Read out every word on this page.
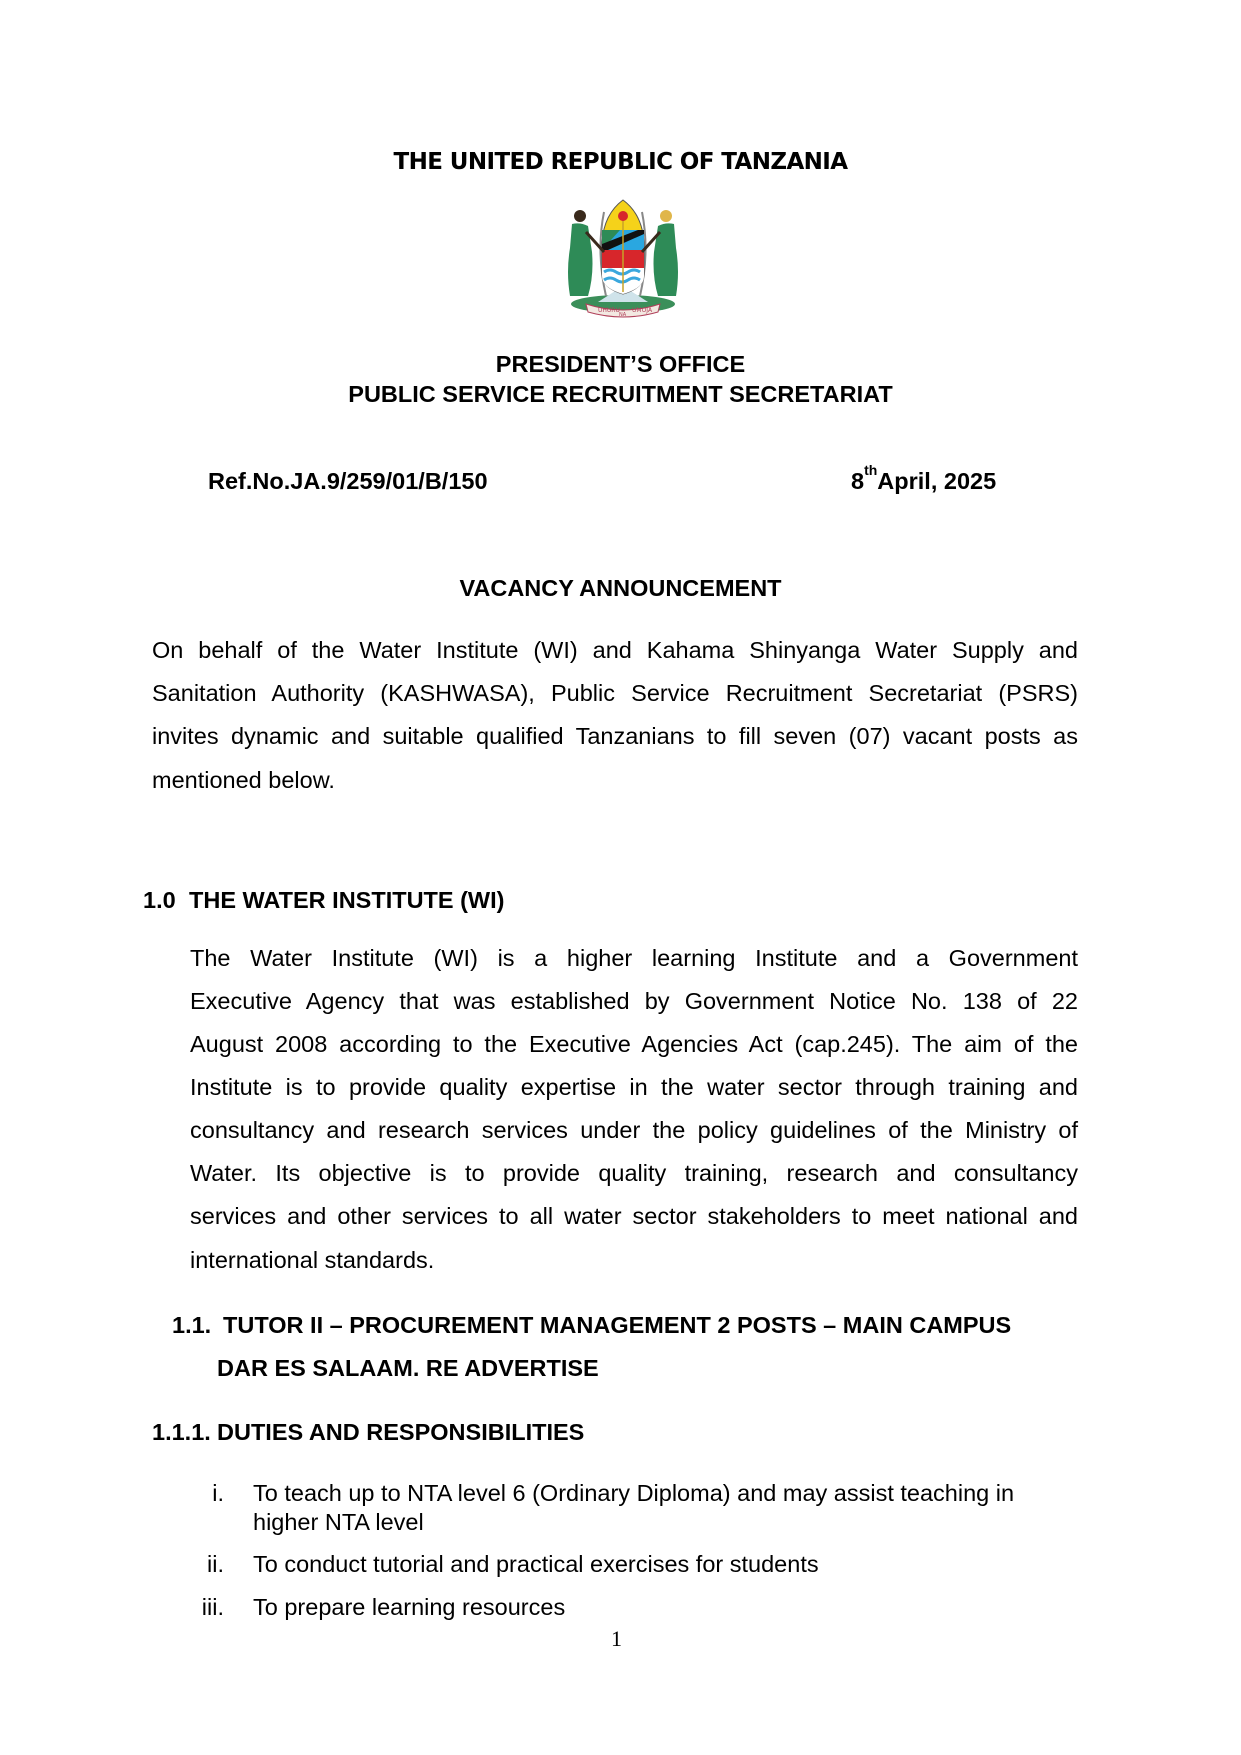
THE UNITED REPUBLIC OF TANZANIA
UHURU
NA
UMOJA
PRESIDENT’S OFFICE
PUBLIC SERVICE RECRUITMENT SECRETARIAT
Ref.No.JA.9/259/01/B/150	8thApril, 2025
VACANCY ANNOUNCEMENT
On behalf of the Water Institute (WI) and Kahama Shinyanga Water Supply and
Sanitation Authority (KASHWASA), Public Service Recruitment Secretariat (PSRS)
invites dynamic and suitable qualified Tanzanians to fill seven (07) vacant posts as
mentioned below.
1.0 THE WATER INSTITUTE (WI)
The Water Institute (WI) is a higher learning Institute and a Government
Executive Agency that was established by Government Notice No. 138 of 22
August 2008 according to the Executive Agencies Act (cap.245). The aim of the
Institute is to provide quality expertise in the water sector through training and
consultancy and research services under the policy guidelines of the Ministry of
Water. Its objective is to provide quality training, research and consultancy
services and other services to all water sector stakeholders to meet national and
international standards.
1.1. TUTOR II – PROCUREMENT MANAGEMENT 2 POSTS – MAIN CAMPUS
DAR ES SALAAM. RE ADVERTISE
1.1.1. DUTIES AND RESPONSIBILITIES
i. To teach up to NTA level 6 (Ordinary Diploma) and may assist teaching in
higher NTA level
ii. To conduct tutorial and practical exercises for students
iii. To prepare learning resources
1
